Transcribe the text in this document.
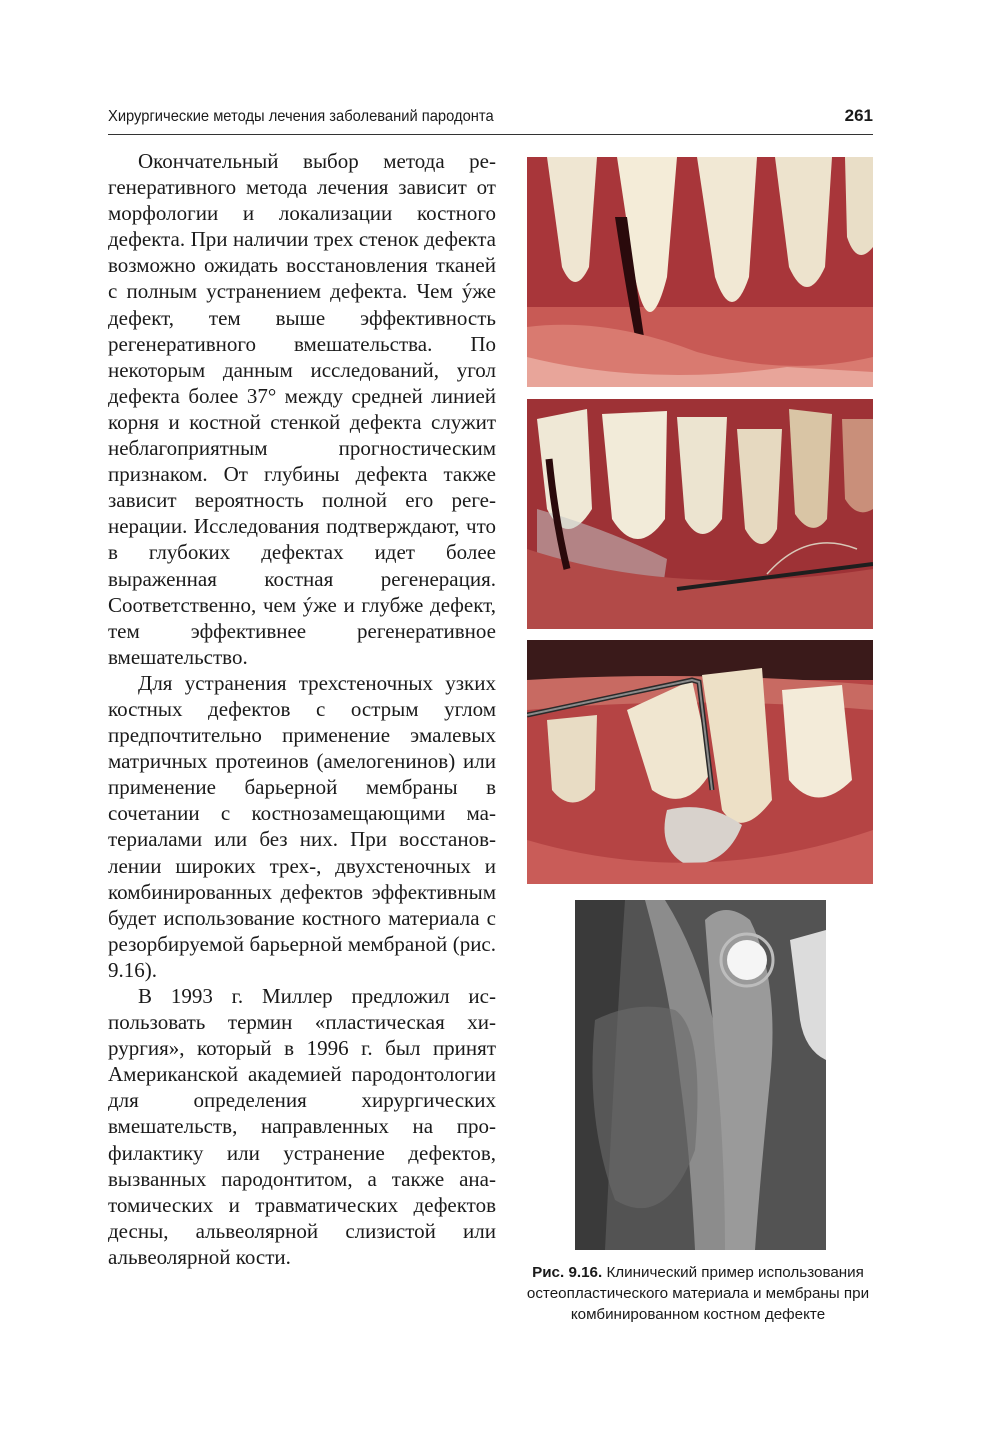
Хирургические методы лечения заболеваний пародонта	261

Окончательный выбор метода регенеративного метода лечения зависит от морфологии и локализации костного дефекта. При наличии трех стенок дефекта возможно ожидать восстановления тканей с полным устранением дефекта. Чем ýже дефект, тем выше эффективность регенеративного вмешательства. По некоторым данным исследований, угол дефекта более 37° между средней линией корня и костной стенкой дефекта служит неблагоприятным прогностическим признаком. От глубины дефекта также зависит вероятность полной его регенерации. Исследования подтверждают, что в глубоких дефектах идет более выраженная костная регенерация. Соответственно, чем ýже и глубже дефект, тем эффективнее регенеративное вмешательство.

Для устранения трехстеночных узких костных дефектов с острым углом предпочтительно применение эмалевых матричных протеинов (амелогенинов) или применение барьерной мембраны в сочетании с костнозамещающими материалами или без них. При восстановлении широких трех-, двухстеночных и комбинированных дефектов эффективным будет использование костного материала с резорбируемой барьерной мембраной (рис. 9.16).

В 1993 г. Миллер предложил использовать термин «пластическая хирургия», который в 1996 г. был принят Американской академией пародонтологии для определения хирургических вмешательств, направленных на профилактику или устранение дефектов, вызванных пародонтитом, а также анатомических и травматических дефектов десны, альвеолярной слизистой или альвеолярной кости.

Рис. 9.16. Клинический пример использования остеопластического материала и мембраны при комбинированном костном дефекте
